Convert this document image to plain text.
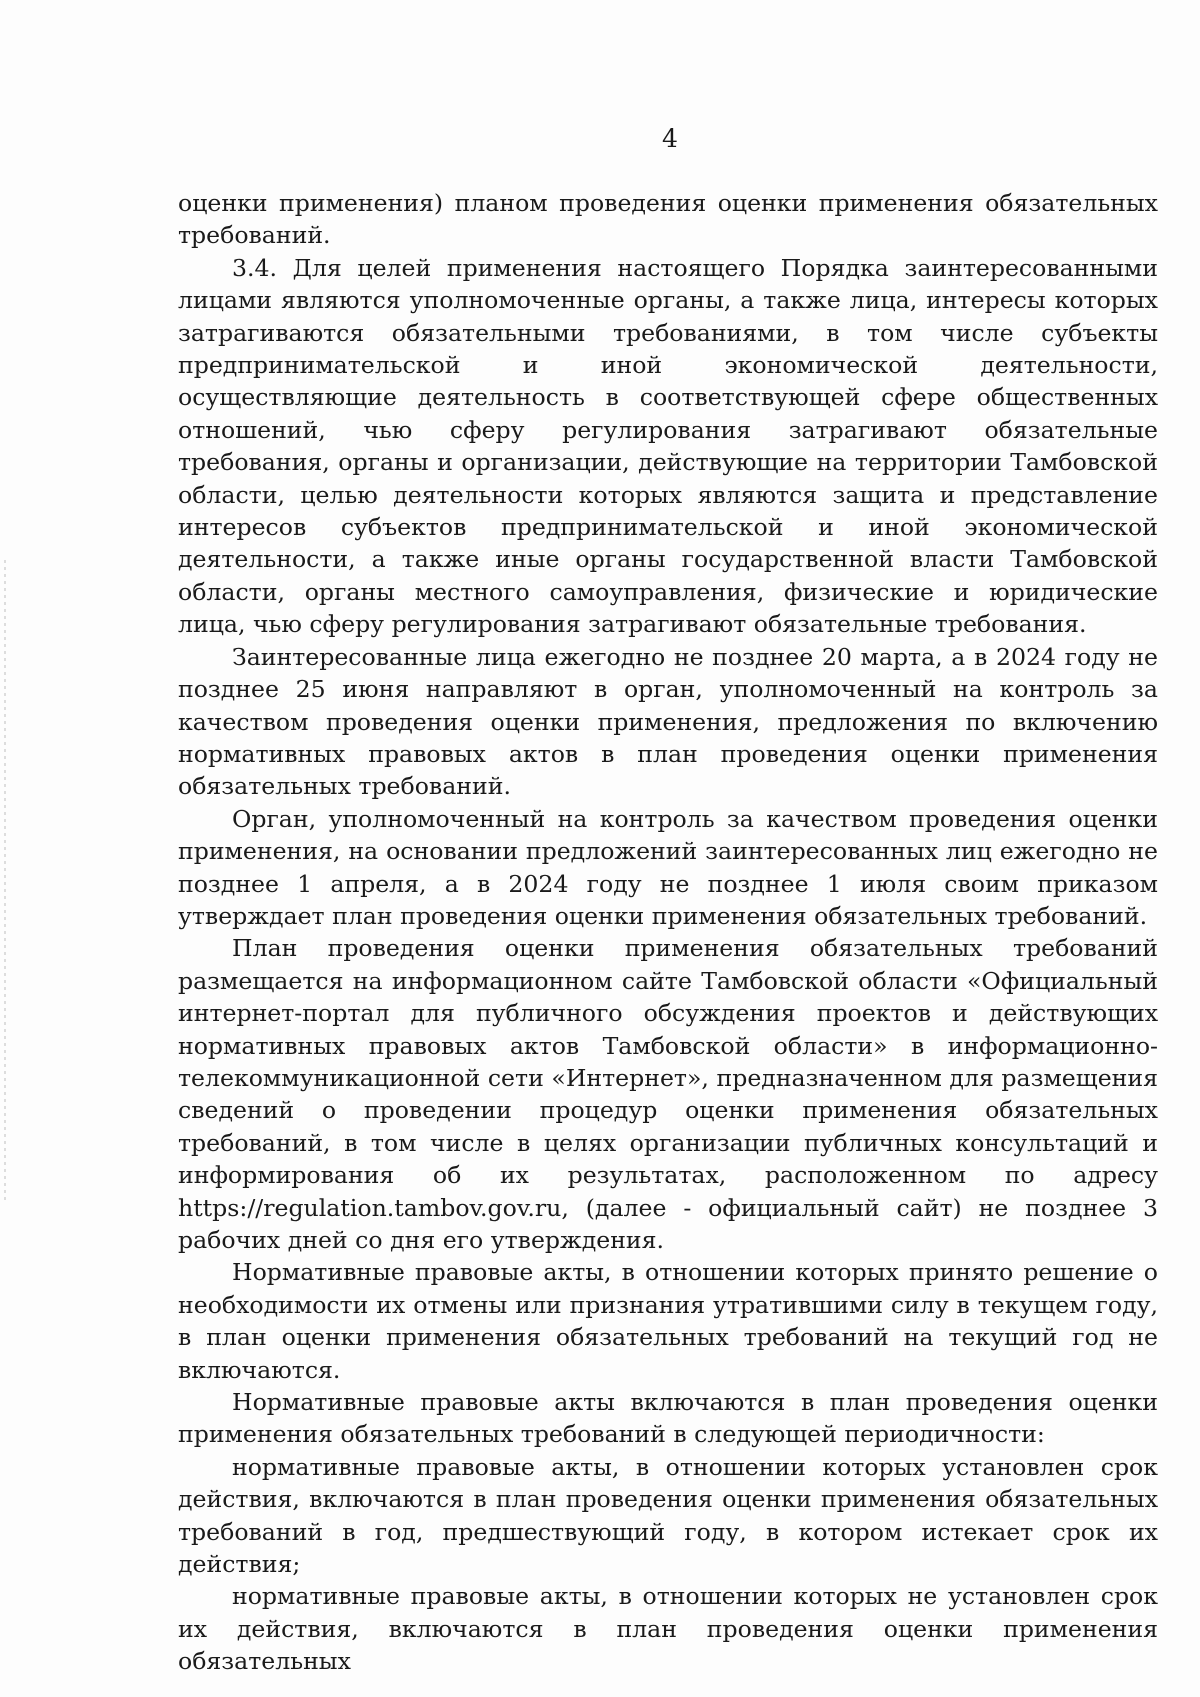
4

оценки применения) планом проведения оценки применения обязательных требований.

3.4. Для целей применения настоящего Порядка заинтересованными лицами являются уполномоченные органы, а также лица, интересы которых затрагиваются обязательными требованиями, в том числе субъекты предпринимательской и иной экономической деятельности, осуществляющие деятельность в соответствующей сфере общественных отношений, чью сферу регулирования затрагивают обязательные требования, органы и организации, действующие на территории Тамбовской области, целью деятельности которых являются защита и представление интересов субъектов предпринимательской и иной экономической деятельности, а также иные органы государственной власти Тамбовской области, органы местного самоуправления, физические и юридические лица, чью сферу регулирования затрагивают обязательные требования.

Заинтересованные лица ежегодно не позднее 20 марта, а в 2024 году не позднее 25 июня направляют в орган, уполномоченный на контроль за качеством проведения оценки применения, предложения по включению нормативных правовых актов в план проведения оценки применения обязательных требований.

Орган, уполномоченный на контроль за качеством проведения оценки применения, на основании предложений заинтересованных лиц ежегодно не позднее 1 апреля, а в 2024 году не позднее 1 июля своим приказом утверждает план проведения оценки применения обязательных требований.

План проведения оценки применения обязательных требований размещается на информационном сайте Тамбовской области «Официальный интернет-портал для публичного обсуждения проектов и действующих нормативных правовых актов Тамбовской области» в информационно-телекоммуникационной сети «Интернет», предназначенном для размещения сведений о проведении процедур оценки применения обязательных требований, в том числе в целях организации публичных консультаций и информирования об их результатах, расположенном по адресу https://regulation.tambov.gov.ru, (далее - официальный сайт) не позднее 3 рабочих дней со дня его утверждения.

Нормативные правовые акты, в отношении которых принято решение о необходимости их отмены или признания утратившими силу в текущем году, в план оценки применения обязательных требований на текущий год не включаются.

Нормативные правовые акты включаются в план проведения оценки применения обязательных требований в следующей периодичности:

нормативные правовые акты, в отношении которых установлен срок действия, включаются в план проведения оценки применения обязательных требований в год, предшествующий году, в котором истекает срок их действия;

нормативные правовые акты, в отношении которых не установлен срок их действия, включаются в план проведения оценки применения обязательных
